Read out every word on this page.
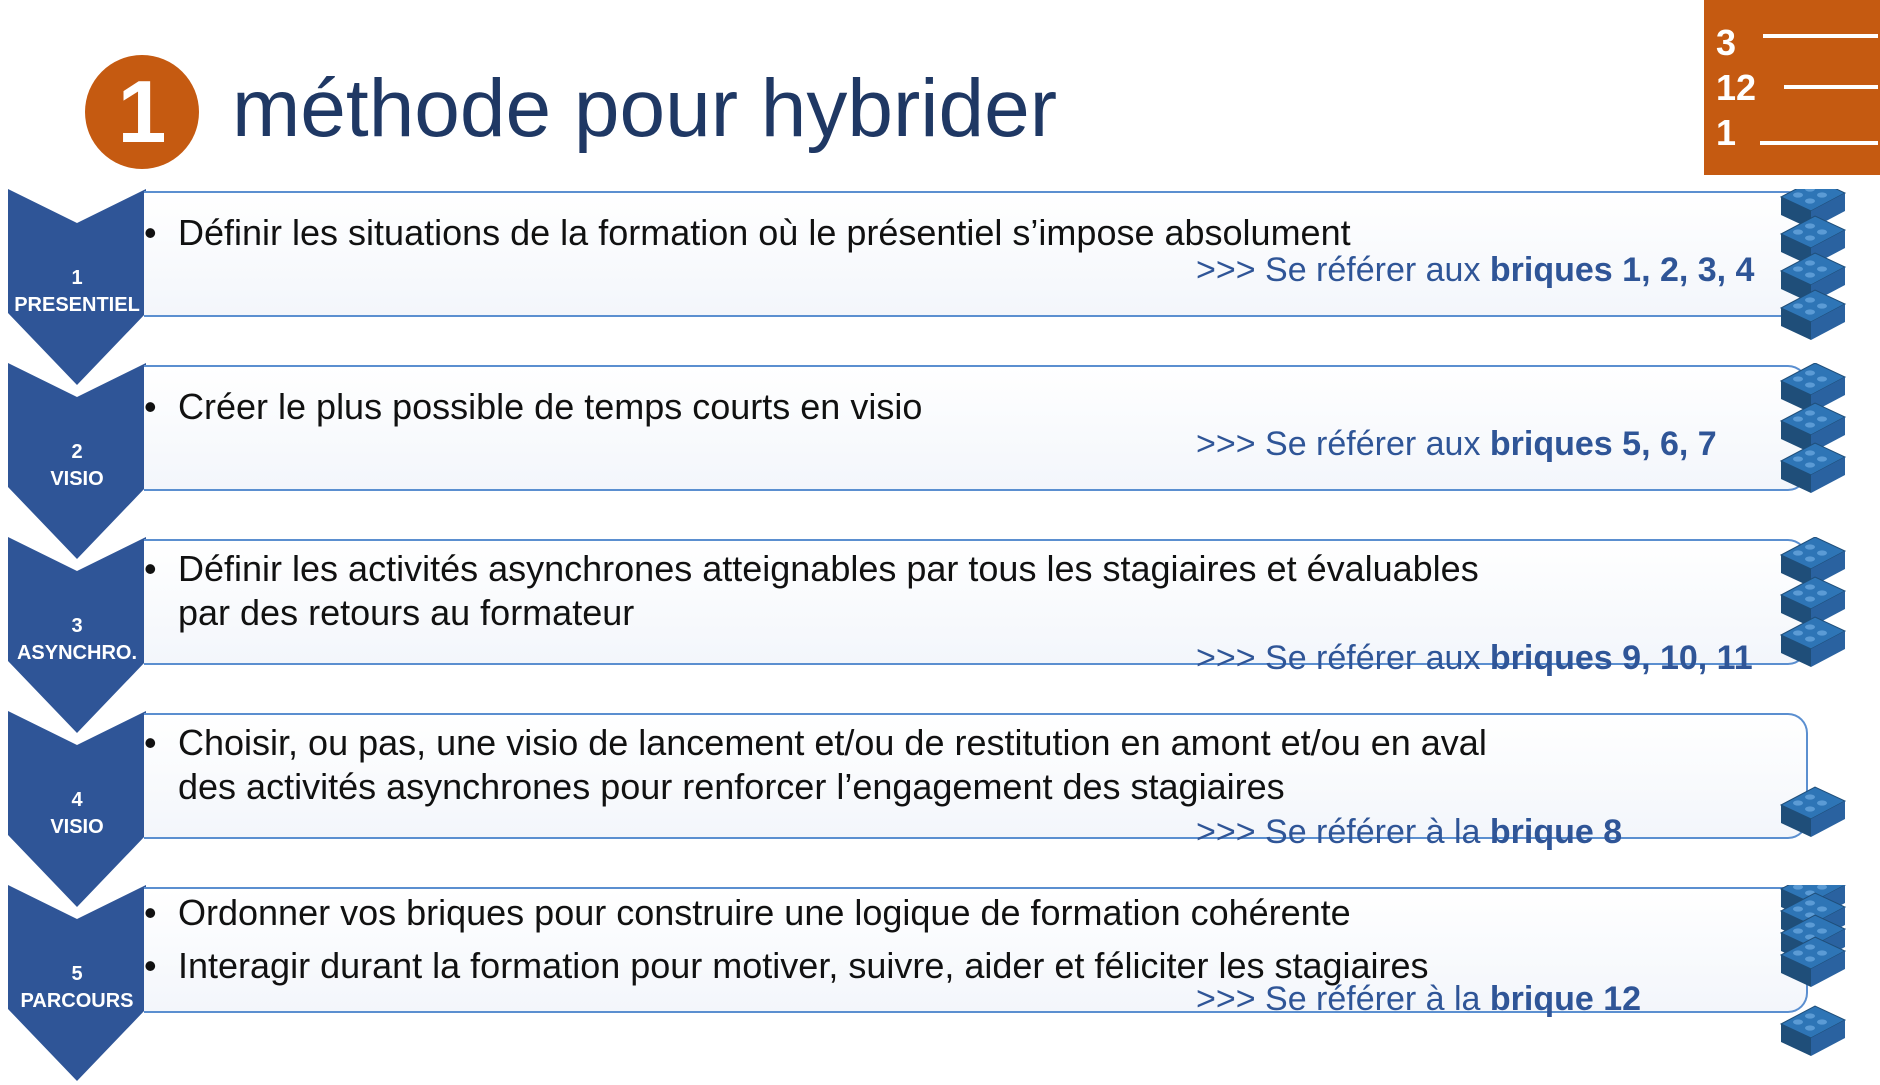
1 méthode pour hybrider
3
12
1
1
PRESENTIEL
• Définir les situations de la formation où le présentiel s’impose absolument
>>> Se référer aux briques 1, 2, 3, 4
2
VISIO
• Créer le plus possible de temps courts en visio
>>> Se référer aux briques 5, 6, 7
3
ASYNCHRO.
• Définir les activités asynchrones atteignables par tous les stagiaires et évaluables
par des retours au formateur
>>> Se référer aux briques 9, 10, 11
4
VISIO
• Choisir, ou pas, une visio de lancement et/ou de restitution en amont et/ou en aval
des activités asynchrones pour renforcer l’engagement des stagiaires
>>> Se référer à la brique 8
5
PARCOURS
• Ordonner vos briques pour construire une logique de formation cohérente
• Interagir durant la formation pour motiver, suivre, aider et féliciter les stagiaires
>>> Se référer à la brique 12
